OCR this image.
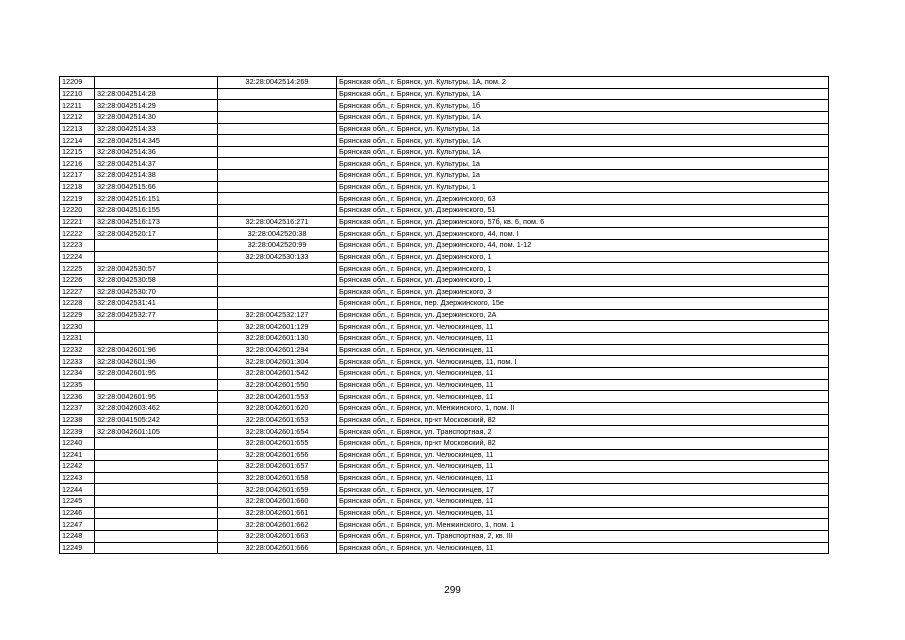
12209		32:28:0042514:269	Брянская обл., г. Брянск, ул. Культуры, 1А, пом. 2
12210	32:28:0042514:28		Брянская обл., г. Брянск, ул. Культуры, 1А
12211	32:28:0042514:29		Брянская обл., г. Брянск, ул. Культуры, 1б
12212	32:28:0042514:30		Брянская обл., г. Брянск, ул. Культуры, 1А
12213	32:28:0042514:33		Брянская обл., г. Брянск, ул. Культуры, 1а
12214	32:28:0042514:345		Брянская обл., г. Брянск, ул. Культуры, 1А
12215	32:28:0042514:36		Брянская обл., г. Брянск, ул. Культуры, 1А
12216	32:28:0042514:37		Брянская обл., г. Брянск, ул. Культуры, 1а
12217	32:28:0042514:38		Брянская обл., г. Брянск, ул. Культуры, 1а
12218	32:28:0042515:66		Брянская обл., г. Брянск, ул. Культуры, 1
12219	32:28:0042516:151		Брянская обл., г. Брянск, ул. Дзержинского, 63
12220	32:28:0042516:155		Брянская обл., г. Брянск, ул. Дзержинского, 51
12221	32:28:0042516:173	32:28:0042516:271	Брянская обл., г. Брянск, ул. Дзержинского, 57б, кв. 6, пом. 6
12222	32:28:0042520:17	32:28:0042520:38	Брянская обл., г. Брянск, ул. Дзержинского, 44, пом. I
12223		32:28:0042520:99	Брянская обл., г. Брянск, ул. Дзержинского, 44, пом. 1-12
12224		32:28:0042530:133	Брянская обл., г. Брянск, ул. Дзержинского, 1
12225	32:28:0042530:57		Брянская обл., г. Брянск, ул. Дзержинского, 1
12226	32:28:0042530:58		Брянская обл., г. Брянск, ул. Дзержинского, 1
12227	32:28:0042530:70		Брянская обл., г. Брянск, ул. Дзержинского, 3
12228	32:28:0042531:41		Брянская обл., г. Брянск, пер. Дзержинского, 15е
12229	32:28:0042532:77	32:28:0042532:127	Брянская обл., г. Брянск, ул. Дзержинского, 2А
12230		32:28:0042601:129	Брянская обл., г. Брянск, ул. Челюскинцев, 11
12231		32:28:0042601:130	Брянская обл., г. Брянск, ул. Челюскинцев, 11
12232	32:28:0042601:96	32:28:0042601:294	Брянская обл., г. Брянск, ул. Челюскинцев, 11
12233	32:28:0042601:96	32:28:0042601:304	Брянская обл., г. Брянск, ул. Челюскинцев, 11, пом. I
12234	32:28:0042601:95	32:28:0042601:542	Брянская обл., г. Брянск, ул. Челюскинцев, 11
12235		32:28:0042601:550	Брянская обл., г. Брянск, ул. Челюскинцев, 11
12236	32:28:0042601:95	32:28:0042601:553	Брянская обл., г. Брянск, ул. Челюскинцев, 11
12237	32:28:0042603:462	32:28:0042601:620	Брянская обл., г. Брянск, ул. Менжинского, 1, пом. II
12238	32:28:0041505:242	32:28:0042601:653	Брянская обл., г. Брянск, пр-кт Московский, 82
12239	32:28:0042601:105	32:28:0042601:654	Брянская обл., г. Брянск, ул. Транспортная, 2
12240		32:28:0042601:655	Брянская обл., г. Брянск, пр-кт Московский, 82
12241		32:28:0042601:656	Брянская обл., г. Брянск, ул. Челюскинцев, 11
12242		32:28:0042601:657	Брянская обл., г. Брянск, ул. Челюскинцев, 11
12243		32:28:0042601:658	Брянская обл., г. Брянск, ул. Челюскинцев, 11
12244		32:28:0042601:659	Брянская обл., г. Брянск, ул. Челюскинцев, 17
12245		32:28:0042601:660	Брянская обл., г. Брянск, ул. Челюскинцев, 11
12246		32:28:0042601:661	Брянская обл., г. Брянск, ул. Челюскинцев, 11
12247		32:28:0042601:662	Брянская обл., г. Брянск, ул. Менжинского, 1, пом. 1
12248		32:28:0042601:663	Брянская обл., г. Брянск, ул. Транспортная, 2, кв. III
12249		32:28:0042601:666	Брянская обл., г. Брянск, ул. Челюскинцев, 11
299
